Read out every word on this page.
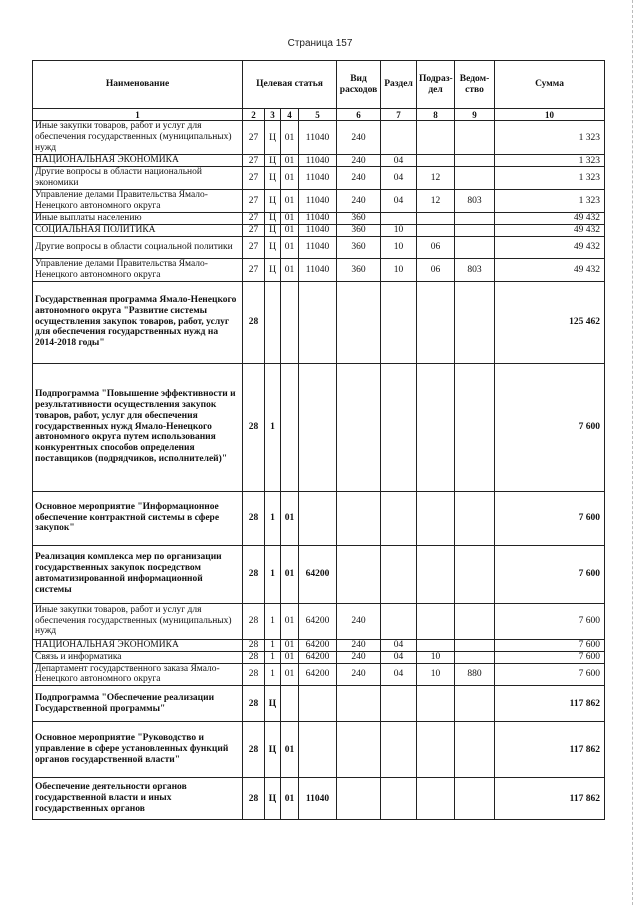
Страница 157
Наименование	Целевая статья				Вид расходов	Раздел	Подраз- дел	Ведом- ство	Сумма
1	2	3	4	5	6	7	8	9	10
Иные закупки товаров, работ и услуг для обеспечения государственных (муниципальных) нужд	27	Ц	01	11040	240				1 323
НАЦИОНАЛЬНАЯ ЭКОНОМИКА	27	Ц	01	11040	240	04			1 323
Другие вопросы в области национальной экономики	27	Ц	01	11040	240	04	12		1 323
Управление делами Правительства Ямало-Ненецкого автономного округа	27	Ц	01	11040	240	04	12	803	1 323
Иные выплаты населению	27	Ц	01	11040	360				49 432
СОЦИАЛЬНАЯ ПОЛИТИКА	27	Ц	01	11040	360	10			49 432
Другие вопросы в области социальной политики	27	Ц	01	11040	360	10	06		49 432
Управление делами Правительства Ямало-Ненецкого автономного округа	27	Ц	01	11040	360	10	06	803	49 432
Государственная программа Ямало-Ненецкого автономного округа "Развитие системы осуществления закупок товаров, работ, услуг для обеспечения государственных нужд на 2014-2018 годы"	28								125 462
Подпрограмма "Повышение эффективности и результативности осуществления закупок товаров, работ, услуг для обеспечения государственных нужд Ямало-Ненецкого автономного округа путем использования конкурентных способов определения поставщиков (подрядчиков, исполнителей)"	28	1							7 600
Основное мероприятие "Информационное обеспечение контрактной системы в сфере закупок"	28	1	01						7 600
Реализация комплекса мер по организации государственных закупок посредством автоматизированной информационной системы	28	1	01	64200					7 600
Иные закупки товаров, работ и услуг для обеспечения государственных (муниципальных) нужд	28	1	01	64200	240				7 600
НАЦИОНАЛЬНАЯ ЭКОНОМИКА	28	1	01	64200	240	04			7 600
Связь и информатика	28	1	01	64200	240	04	10		7 600
Департамент государственного заказа Ямало-Ненецкого автономного округа	28	1	01	64200	240	04	10	880	7 600
Подпрограмма "Обеспечение реализации Государственной программы"	28	Ц							117 862
Основное мероприятие "Руководство и управление в сфере установленных функций органов государственной власти"	28	Ц	01						117 862
Обеспечение деятельности органов государственной власти и иных государственных органов	28	Ц	01	11040					117 862
